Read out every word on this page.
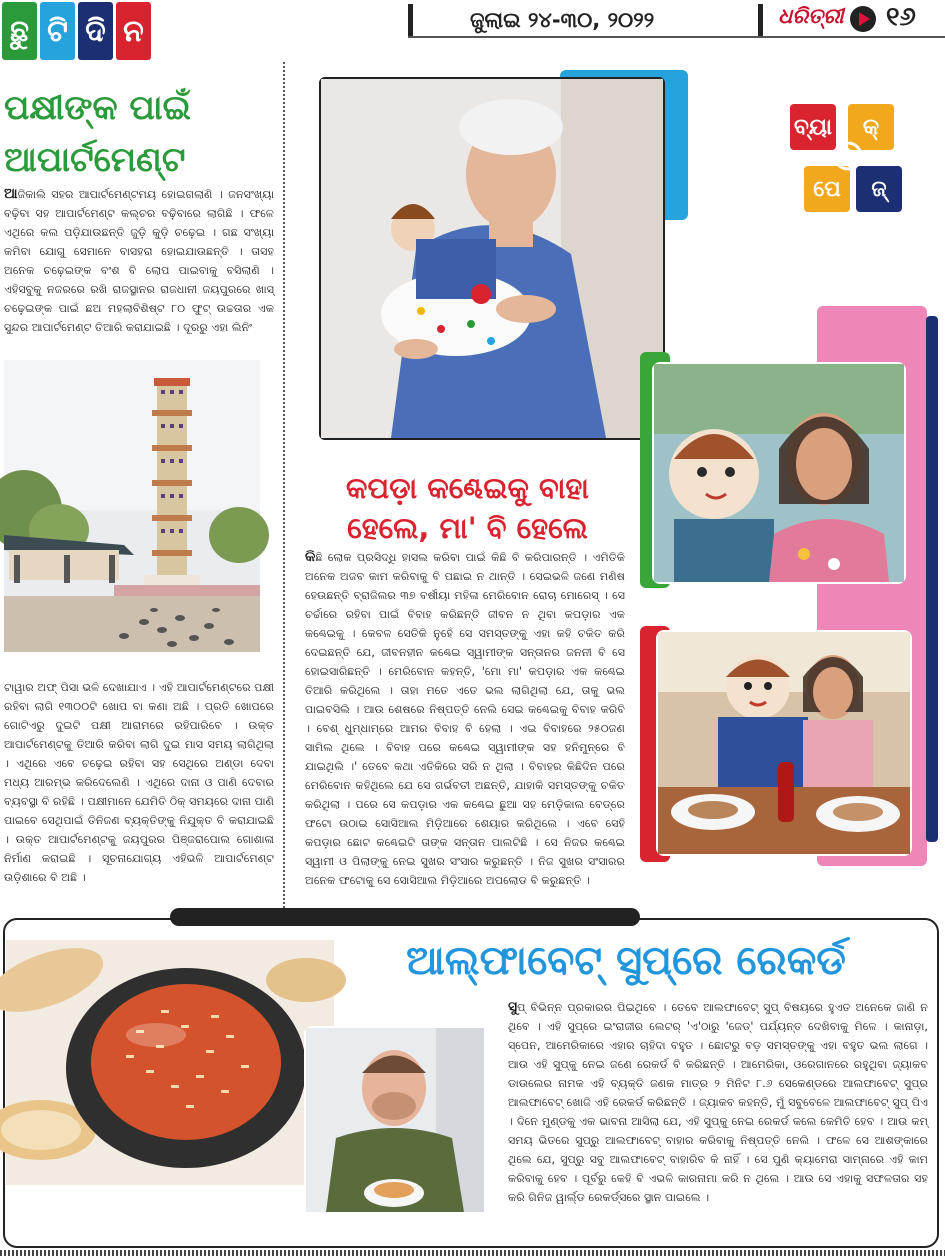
ଛୁ ଟି ଦି ନ	ଜୁଲାଇ ୨୪-୩୦, ୨୦୨୨	ଧରିତ୍ରୀ ୧୬
ପକ୍ଷୀଙ୍କ ପାଇଁ ଆପାର୍ଟମେଣ୍ଟ
ଆଜିକାଲି ସହର ଆପାର୍ଟମେଣ୍ଟମୟ ହୋଇଗଲାଣି । ଜନସଂଖ୍ୟା ବଢ଼ିବା ସହ ଆପାର୍ଟମେଣ୍ଟ କଲ୍ଚର ବଢ଼ିବାରେ ଲାଗିଛି । ଫଳେ ଏଥିରେ କଲ ପଡ଼ିଯାଉଛନ୍ତି ଜୁଡ଼ି କୁଡ଼ି ଚଢ଼େଇ । ଗଛ ସଂଖ୍ୟା କମିବା ଯୋଗୁ ସେମାନେ ବାସହରା ହୋଇଯାଉଛନ୍ତି । ତାସହ ଅନେକ ଚଢ଼େଇଙ୍କ ବଂଶ ବି ଲୋପ ପାଇବାକୁ ବସିଲାଣି । ଏହିସବୁକୁ ନଜରରେ ରଖି ରାଜସ୍ଥାନର ରାଜଧାନୀ ଜୟପୁରରେ ଖାସ୍ ଚଢ଼େଇଙ୍କ ପାଇଁ ଛଅ ମହଲାବିଶିଷ୍ଟ ୮୦ ଫୁଟ୍ ଉଚ୍ଚତାର ଏକ ସୁନ୍ଦର ଆପାର୍ଟମେଣ୍ଟ ତିଆରି କରାଯାଇଛି । ଦୂରରୁ ଏହା ଲିନିଂ
ଟାୱାର ଅଫ୍ ପିସା ଭଳି ଦେଖାଯାଏ । ଏହି ଆପାର୍ଟମେଣ୍ଟରେ ପକ୍ଷୀ ରହିବା ଲାଗି ୧୩୦୦ଟି ଖୋପ ବା କଣା ଅଛି । ପ୍ରତି ଖୋପରେ ଗୋଟିଏରୁ ଦୁଇଟି ପକ୍ଷୀ ଆରାମରେ ରହିପାରିବେ । ଉକ୍ତ ଆପାର୍ଟମେଣ୍ଟକୁ ତିଆରି କରିବା ଲାଗି ଦୁଇ ମାସ ସମୟ ଲାଗିଥିଲା । ଏଥିରେ ଏବେ ଚଢ଼େଇ ରହିବା ସହ ସେଥିରେ ଅଣ୍ଡା ଦେବା ମଧ୍ୟ ଆରମ୍ଭ କରିଦେଲେଣି । ଏଥିରେ ଦାନା ଓ ପାଣି ଦେବାର ବ୍ୟବସ୍ଥା ବି ରହିଛି । ପକ୍ଷୀମାନେ ଯେମିତି ଠିକ୍ ସମୟରେ ଦାନା ପାଣି ପାଇବେ ସେଥିପାଇଁ ତିନିଜଣ ବ୍ୟକ୍ତିଙ୍କୁ ନିଯୁକ୍ତ ବି କରାଯାଇଛି । ଉକ୍ତ ଆପାର୍ଟମେଣ୍ଟକୁ ଜୟପୁରର ପିଞ୍ଜରାପୋଲ ଗୋଶାଳା ନିର୍ମାଣ କରାଇଛି । ସୂଚନାଯୋଗ୍ୟ ଏହିଭଳି ଆପାର୍ଟମେଣ୍ଟ ଉଡ଼ିଶାରେ ବି ଅଛି ।
ବ୍ୟା	କ୍
ପେ	ଜ୍
କପଡ଼ା କଣ୍ଢେଇକୁ ବାହା ହେଲେ, ମା' ବି ହେଲେ
କିଛି ଲୋକ ପ୍ରସିଦ୍ଧି ହାସଲ କରିବା ପାଇଁ କିଛି ବି କରିପାରନ୍ତି । ଏମିତିକି ଅନେକ ଅଜବ କାମ କରିବାକୁ ବି ପଛାଇ ନ ଥାନ୍ତି । ସେଇଭଳି ଜଣେ ମଣିଷ ହେଉଛନ୍ତି ବ୍ରାଜିଲର ୩୭ ବର୍ଷୀୟା ମହିଳା ମେରିବୋନ ରୋଚା ମୋରେସ୍ । ସେ ଚର୍ଚ୍ଚାରେ ରହିବା ପାଇଁ ବିବାହ କରିଛନ୍ତି ଜୀବନ ନ ଥିବା କପଡ଼ାର ଏକ କଣ୍ଢେଇକୁ । କେବଳ ସେତିକି ନୁହେଁ ସେ ସମସ୍ତଙ୍କୁ ଏହା କହି ଚକିତ କରି ଦେଇଛନ୍ତି ଯେ, ଜୀବନହୀନ କଣ୍ଢେଇ ସ୍ୱାମୀଙ୍କ ସନ୍ତାନର ଜନନୀ ବି ସେ ହୋଇସାରିଛନ୍ତି । ମେରିବୋନ କହନ୍ତି, 'ମୋ ମା' କପଡ଼ାର ଏକ କଣ୍ଢେଇ ତିଆରି କରିଥିଲେ । ତାହା ମତେ ଏତେ ଭଲ ଲାଗିଥିଲା ଯେ, ତାକୁ ଭଲ ପାଇବସିଲି । ଆଉ ଶେଷରେ ନିଷ୍ପତ୍ତି ନେଲି ସେଇ କଣ୍ଢେଇକୁ ବିବାହ କରିବି । ବେଶ୍ ଧୁମ୍ଧାମ୍‌ରେ ଆମର ବିବାହ ବି ହେଲା । ଏଇ ବିବାହରେ ୨୫୦ଜଣ ସାମିଲ ଥିଲେ । ବିବାହ ପରେ କଣ୍ଢେଇ ସ୍ୱାମୀଙ୍କ ସହ ହନିମୁନ୍‌ରେ ବି ଯାଇଥିଲି ।' ତେବେ କଥା ଏତିକିରେ ସରି ନ ଥିଲା । ବିବାହର କିଛିଦିନ ପରେ ମେରିବୋନ କହିଥିଲେ ଯେ ସେ ଗର୍ଭବତୀ ଅଛନ୍ତି, ଯାହାକି ସମସ୍ତଙ୍କୁ ଚକିତ କରିଥିଲା । ପରେ ସେ କପଡ଼ାର ଏକ କଣ୍ଢେଇ ଛୁଆ ସହ ମେଡ଼ିକାଲ ବେଡ୍‌ରେ ଫଟୋ ଉଠାଇ ସୋସିଆଲ ମିଡ଼ିଆରେ ଶେୟାର କରିଥିଲେ । ଏବେ ସେହି କପଡ଼ାର ଛୋଟ କଣ୍ଢେଇଟି ତାଙ୍କ ସନ୍ତାନ ପାଲଟିଛି । ସେ ନିଜର କଣ୍ଢେଇ ସ୍ୱାମୀ ଓ ପିଲାଙ୍କୁ ନେଇ ସୁଖର ସଂସାର କରୁଛନ୍ତି । ନିଜ ସୁଖର ସଂସାରର ଅନେକ ଫଟୋକୁ ସେ ସୋସିଆଲ ମିଡ଼ିଆରେ ଅପଲୋଡ ବି କରୁଛନ୍ତି ।
ଆଲ୍‌ଫାବେଟ୍ ସୁପ୍‌ରେ ରେକର୍ଡ
ସୁପ୍ ବିଭିନ୍ନ ପ୍ରକାରର ପିଇଥିବେ । ତେବେ ଆଲଫାବେଟ୍ ସୁପ୍ ବିଷୟରେ ହୁଏତ ଅନେକେ ଜାଣି ନ ଥିବେ । ଏହି ସୁପ୍‌ରେ ଇଂରାଜୀର ଲେଟର୍ 'ଏ'ଠାରୁ 'ଜେଡ୍' ପର୍ଯ୍ୟନ୍ତ ଦେଖିବାକୁ ମିଳେ । କାନାଡ଼ା, ସ୍ପେନ, ଆମେରିକାରେ ଏହାର ଚାହିଦା ବହୁତ । ଛୋଟରୁ ବଡ଼ ସମସ୍ତଙ୍କୁ ଏହା ବହୁତ ଭଲ ଲାଗେ । ଆଉ ଏହି ସୁପ୍‌କୁ ନେଇ ଜଣେ ରେକର୍ଡ ବି କରିଛନ୍ତି । ଆମେରିକା, ଓରେଗାନରେ ରହୁଥିବା ଜ୍ୟାକବ ଡାଉଲେର ନାମକ ଏହି ବ୍ୟକ୍ତି ଜଣକ ମାତ୍ର ୨ ମିନିଟ ୮.୬ ସେକେଣ୍ଡରେ ଆଲଫାବେଟ୍ ସୁପ୍‌ର ଆଲଫାବେଟ୍ ଖୋଜି ଏହି ରେକର୍ଡ କରିଛନ୍ତି । ଜ୍ୟାକବ କହନ୍ତି, ମୁଁ ସବୁବେଳେ ଆଲଫାବେଟ୍ ସୁପ୍ ପିଏ । ଦିନେ ମୁଣ୍ଡକୁ ଏକ ଭାବନା ଆସିଲା ଯେ, ଏହି ସୁପ୍‌କୁ ନେଇ ରେକର୍ଡ କଲେ କେମିତି ହେବ । ଆଉ କମ୍ ସମୟ ଭିତରେ ସୁପ୍‌ରୁ ଆଲଫାବେଟ୍ ବାହାର କରିବାକୁ ନିଷ୍ପତ୍ତି ନେଲି । ଫଳେ ସେ ଆଶଙ୍କାରେ ଥିଲେ ଯେ, ସୁପ୍‌ରୁ ସବୁ ଆଲଫାବେଟ୍ ବାହାରିବ କି ନାହିଁ । ସେ ପୁଣି କ୍ୟାମେରା ସାମ୍ନାରେ ଏହି କାମ କରିବାକୁ ହେବ । ପୂର୍ବରୁ କେହି ବି ଏଭଳି କାରନାମା କରି ନ ଥିଲେ । ଆଉ ସେ ଏହାକୁ ସଫଳତାର ସହ କରି ଗିନିଜ ୱାର୍ଲ୍ଡ ରେକର୍ଡ୍‌ସରେ ସ୍ଥାନ ପାଇଲେ ।
